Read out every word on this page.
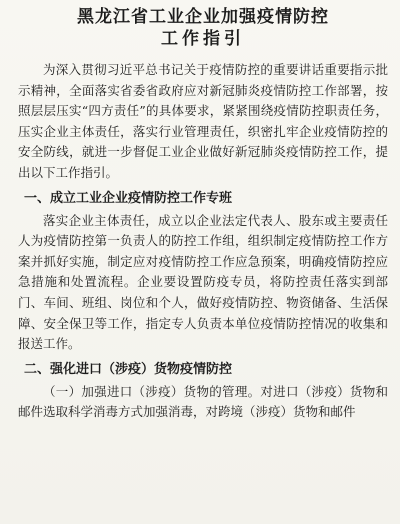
黑龙江省工业企业加强疫情防控
工作指引

为深入贯彻习近平总书记关于疫情防控的重要讲话重要指示批示精神，全面落实省委省政府应对新冠肺炎疫情防控工作部署，按照层层压实“四方责任”的具体要求，紧紧围绕疫情防控职责任务，压实企业主体责任，落实行业管理责任，织密扎牢企业疫情防控的安全防线，就进一步督促工业企业做好新冠肺炎疫情防控工作，提出以下工作指引。

一、成立工业企业疫情防控工作专班

落实企业主体责任，成立以企业法定代表人、股东或主要责任人为疫情防控第一负责人的防控工作组，组织制定疫情防控工作方案并抓好实施，制定应对疫情防控工作应急预案，明确疫情防控应急措施和处置流程。企业要设置防疫专员，将防控责任落实到部门、车间、班组、岗位和个人，做好疫情防控、物资储备、生活保障、安全保卫等工作，指定专人负责本单位疫情防控情况的收集和报送工作。

二、强化进口（涉疫）货物疫情防控

（一）加强进口（涉疫）货物的管理。对进口（涉疫）货物和邮件选取科学消毒方式加强消毒，对跨境（涉疫）货物和邮件
